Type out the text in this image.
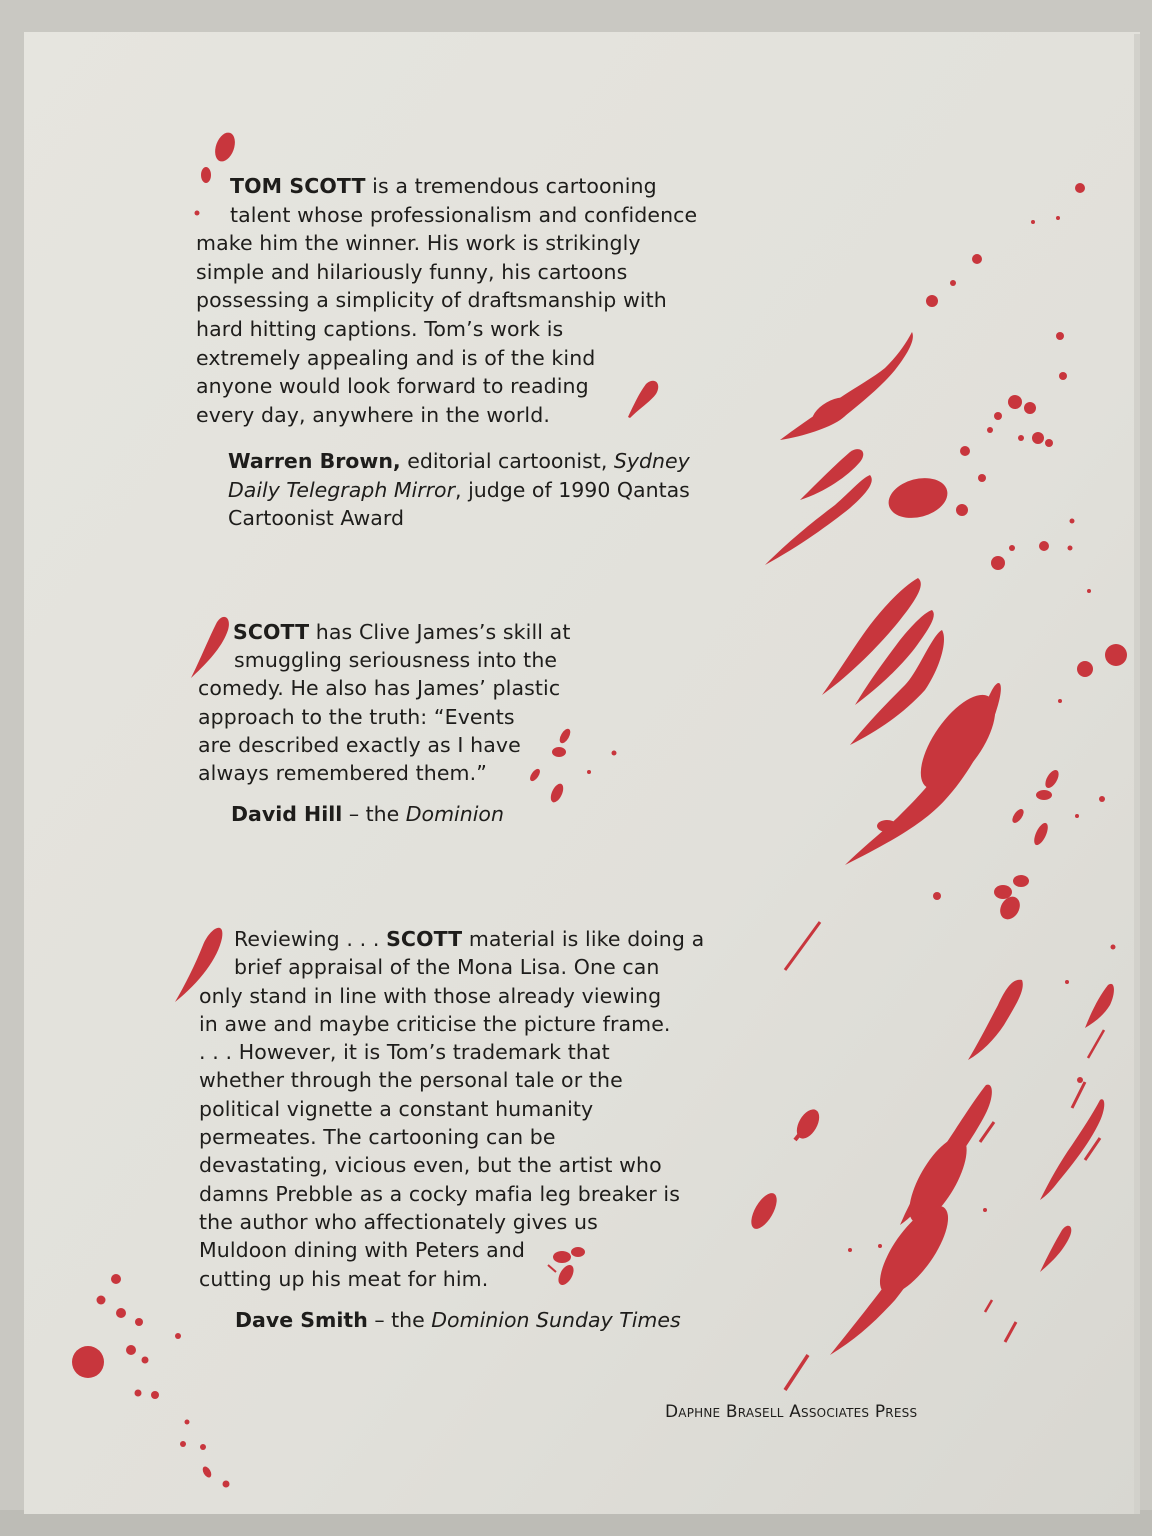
TOM SCOTT is a tremendous cartooning
talent whose professionalism and confidence
make him the winner. His work is strikingly
simple and hilariously funny, his cartoons
possessing a simplicity of draftsmanship with
hard hitting captions. Tom’s work is
extremely appealing and is of the kind
anyone would look forward to reading
every day, anywhere in the world.
Warren Brown, editorial cartoonist, Sydney
Daily Telegraph Mirror, judge of 1990 Qantas
Cartoonist Award
SCOTT has Clive James’s skill at
smuggling seriousness into the
comedy. He also has James’ plastic
approach to the truth: “Events
are described exactly as I have
always remembered them.”
David Hill – the Dominion
Reviewing . . . SCOTT material is like doing a
brief appraisal of the Mona Lisa. One can
only stand in line with those already viewing
in awe and maybe criticise the picture frame.
. . . However, it is Tom’s trademark that
whether through the personal tale or the
political vignette a constant humanity
permeates. The cartooning can be
devastating, vicious even, but the artist who
damns Prebble as a cocky mafia leg breaker is
the author who affectionately gives us
Muldoon dining with Peters and
cutting up his meat for him.
Dave Smith – the Dominion Sunday Times
Daphne Brasell Associates Press
